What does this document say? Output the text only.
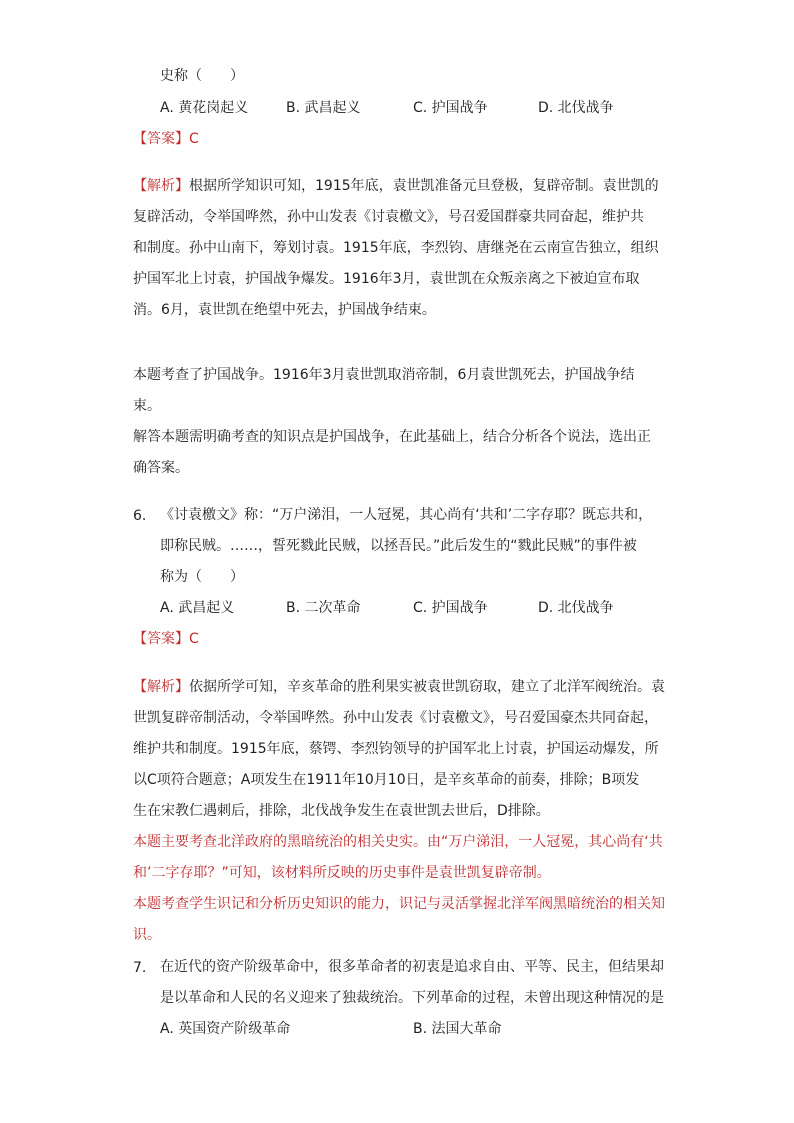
史称（　　）
A. 黄花岗起义	B. 武昌起义	C. 护国战争	D. 北伐战争
【答案】C
【解析】根据所学知识可知，1915年底，袁世凯准备元旦登极，复辟帝制。袁世凯的
复辟活动，令举国哗然，孙中山发表《讨袁檄文》，号召爱国群豪共同奋起，维护共
和制度。孙中山南下，筹划讨袁。1915年底，李烈钧、唐继尧在云南宣告独立，组织
护国军北上讨袁，护国战争爆发。1916年3月，袁世凯在众叛亲离之下被迫宣布取
消。6月，袁世凯在绝望中死去，护国战争结束。
本题考查了护国战争。1916年3月袁世凯取消帝制，6月袁世凯死去，护国战争结
束。
解答本题需明确考查的知识点是护国战争，在此基础上，结合分析各个说法，选出正
确答案。
6. 《讨袁檄文》称：“万户涕泪，一人冠冕，其心尚有‘共和’二字存耶？既忘共和，
即称民贼。……，誓死戮此民贼，以拯吾民。”此后发生的“戮此民贼”的事件被
称为（　　）
A. 武昌起义	B. 二次革命	C. 护国战争	D. 北伐战争
【答案】C
【解析】依据所学可知，辛亥革命的胜利果实被袁世凯窃取，建立了北洋军阀统治。袁
世凯复辟帝制活动，令举国哗然。孙中山发表《讨袁檄文》，号召爱国豪杰共同奋起，
维护共和制度。1915年底，蔡锷、李烈钧领导的护国军北上讨袁，护国运动爆发，所
以C项符合题意；A项发生在1911年10月10日，是辛亥革命的前奏，排除；B项发
生在宋教仁遇刺后，排除，北伐战争发生在袁世凯去世后，D排除。
本题主要考查北洋政府的黑暗统治的相关史实。由“万户涕泪，一人冠冕，其心尚有‘共
和’二字存耶？”可知，该材料所反映的历史事件是袁世凯复辟帝制。
本题考查学生识记和分析历史知识的能力，识记与灵活掌握北洋军阀黑暗统治的相关知
识。
7. 在近代的资产阶级革命中，很多革命者的初衷是追求自由、平等、民主，但结果却
是以革命和人民的名义迎来了独裁统治。下列革命的过程，未曾出现这种情况的是
A. 英国资产阶级革命	B. 法国大革命
